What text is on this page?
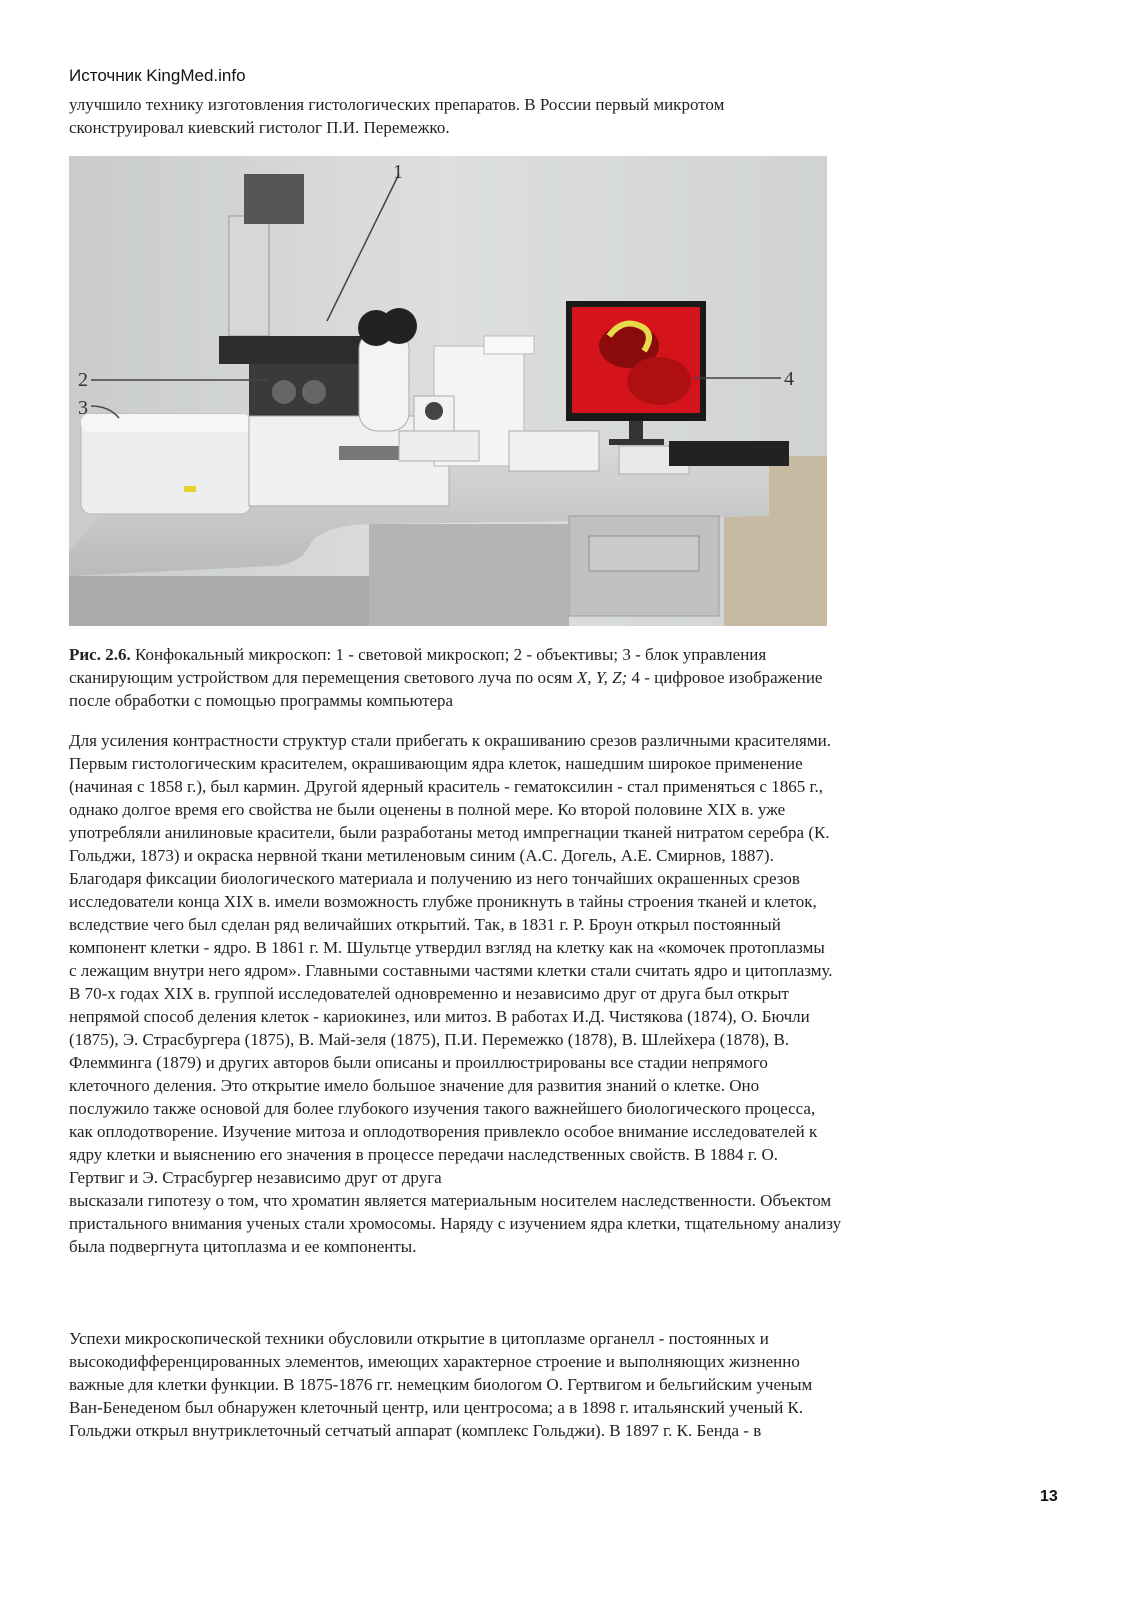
Источник KingMed.info
улучшило технику изготовления гистологических препаратов. В России первый микротом
сконструировал киевский гистолог П.И. Перемежко.
1
2
3
4
Рис. 2.6. Конфокальный микроскоп: 1 - световой микроскоп; 2 - объективы; 3 - блок управления
сканирующим устройством для перемещения светового луча по осям X, Y, Z; 4 - цифровое изображение
после обработки с помощью программы компьютера
Для усиления контрастности структур стали прибегать к окрашиванию срезов различными красителями.
Первым гистологическим красителем, окрашивающим ядра клеток, нашедшим широкое применение
(начиная с 1858 г.), был кармин. Другой ядерный краситель - гематоксилин - стал применяться с 1865 г.,
однако долгое время его свойства не были оценены в полной мере. Ко второй половине XIX в. уже
употребляли анилиновые красители, были разработаны метод импрегнации тканей нитратом серебра (К.
Гольджи, 1873) и окраска нервной ткани метиленовым синим (А.С. Догель, А.Е. Смирнов, 1887).
Благодаря фиксации биологического материала и получению из него тончайших окрашенных срезов
исследователи конца XIX в. имели возможность глубже проникнуть в тайны строения тканей и клеток,
вследствие чего был сделан ряд величайших открытий. Так, в 1831 г. Р. Броун открыл постоянный
компонент клетки - ядро. В 1861 г. М. Шультце утвердил взгляд на клетку как на «комочек протоплазмы
с лежащим внутри него ядром». Главными составными частями клетки стали считать ядро и цитоплазму.
В 70-х годах XIX в. группой исследователей одновременно и независимо друг от друга был открыт
непрямой способ деления клеток - кариокинез, или митоз. В работах И.Д. Чистякова (1874), О. Бючли
(1875), Э. Страсбургера (1875), В. Май-зеля (1875), П.И. Перемежко (1878), В. Шлейхера (1878), В.
Флемминга (1879) и других авторов были описаны и проиллюстрированы все стадии непрямого
клеточного деления. Это открытие имело большое значение для развития знаний о клетке. Оно
послужило также основой для более глубокого изучения такого важнейшего биологического процесса,
как оплодотворение. Изучение митоза и оплодотворения привлекло особое внимание исследователей к
ядру клетки и выяснению его значения в процессе передачи наследственных свойств. В 1884 г. О.
Гертвиг и Э. Страсбургер независимо друг от друга
высказали гипотезу о том, что хроматин является материальным носителем наследственности. Объектом
пристального внимания ученых стали хромосомы. Наряду с изучением ядра клетки, тщательному анализу
была подвергнута цитоплазма и ее компоненты.
Успехи микроскопической техники обусловили открытие в цитоплазме органелл - постоянных и
высокодифференцированных элементов, имеющих характерное строение и выполняющих жизненно
важные для клетки функции. В 1875-1876 гг. немецким биологом О. Гертвигом и бельгийским ученым
Ван-Бенеденом был обнаружен клеточный центр, или центросома; а в 1898 г. итальянский ученый К.
Гольджи открыл внутриклеточный сетчатый аппарат (комплекс Гольджи). В 1897 г. К. Бенда - в
13
